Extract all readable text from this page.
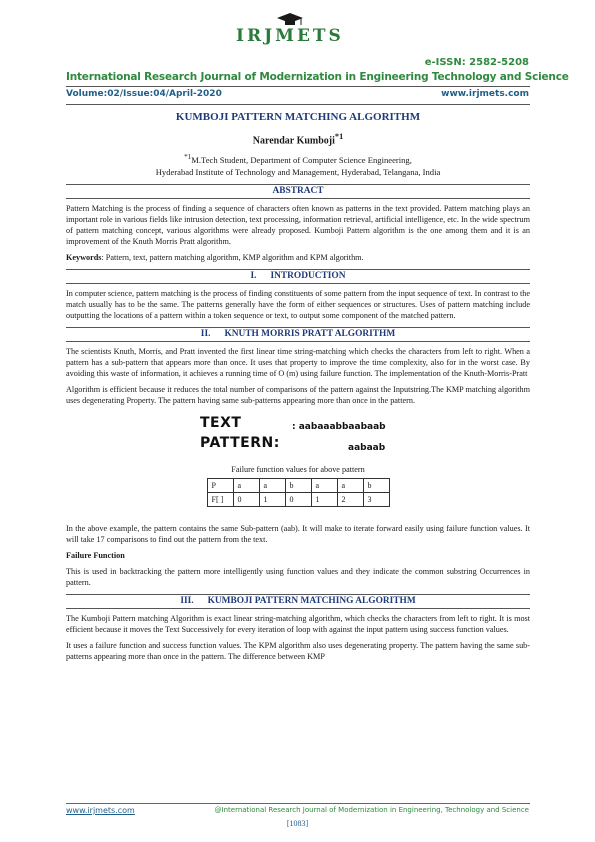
IRJMETS
e-ISSN: 2582-5208
International Research Journal of Modernization in Engineering Technology and Science
Volume:02/Issue:04/April-2020	www.irjmets.com
KUMBOJI PATTERN MATCHING ALGORITHM
Narendar Kumboji$^{*1}$
$^{*1}$M.Tech Student, Department of Computer Science Engineering,
Hyderabad Institute of Technology and Management, Hyderabad, Telangana, India
ABSTRACT

Pattern Matching is the process of finding a sequence of characters often known as patterns in the text provided. Pattern matching plays an important role in various fields like intrusion detection, text processing, information retrieval, artificial intelligence, etc. In the wide spectrum of pattern matching concept, various algorithms were already proposed. Kumboji Pattern algorithm is the one among them and it is an improvement of the Knuth Morris Pratt algorithm.

Keywords: Pattern, text, pattern matching algorithm, KMP algorithm and KPM algorithm.

I. INTRODUCTION

In computer science, pattern matching is the process of finding constituents of some pattern from the input sequence of text. In contrast to the match usually has to be the same. The patterns generally have the form of either sequences or structures. Uses of pattern matching include outputting the locations of a pattern within a token sequence or text, to output some component of the matched pattern.

II. KNUTH MORRIS PRATT ALGORITHM

The scientists Knuth, Morris, and Pratt invented the first linear time string-matching which checks the characters from left to right. When a pattern has a sub-pattern that appears more than once. It uses that property to improve the time complexity, also for in the worst case. By avoiding this waste of information, it achieves a running time of O (m) using failure function. The implementation of the Knuth-Morris-Pratt

Algorithm is efficient because it reduces the total number of comparisons of the pattern against the Inputstring.The KMP matching algorithm uses degenerating Property. The pattern having same sub-patterns appearing more than once in the pattern.

TEXT	: aabaaabbaabaab
PATTERN:	aabaab
Failure function values for above pattern
P	a	a	b	a	a	b
F[ ]	0	1	0	1	2	3

In the above example, the pattern contains the same Sub-pattern (aab). It will make to iterate forward easily using failure function values. It will take 17 comparisons to find out the pattern from the text.

Failure Function

This is used in backtracking the pattern more intelligently using function values and they indicate the common substring Occurrences in pattern.

III. KUMBOJI PATTERN MATCHING ALGORITHM

The Kumboji Pattern matching Algorithm is exact linear string-matching algorithm, which checks the characters from left to right. It is most efficient because it moves the Text Successively for every iteration of loop with against the input pattern using success function values.

It uses a failure function and success function values. The KPM algorithm also uses degenerating property. The pattern having the same sub-patterns appearing more than once in the pattern. The difference between KMP

www.irjmets.com	@International Research Journal of Modernization in Engineering, Technology and Science
[1083]
